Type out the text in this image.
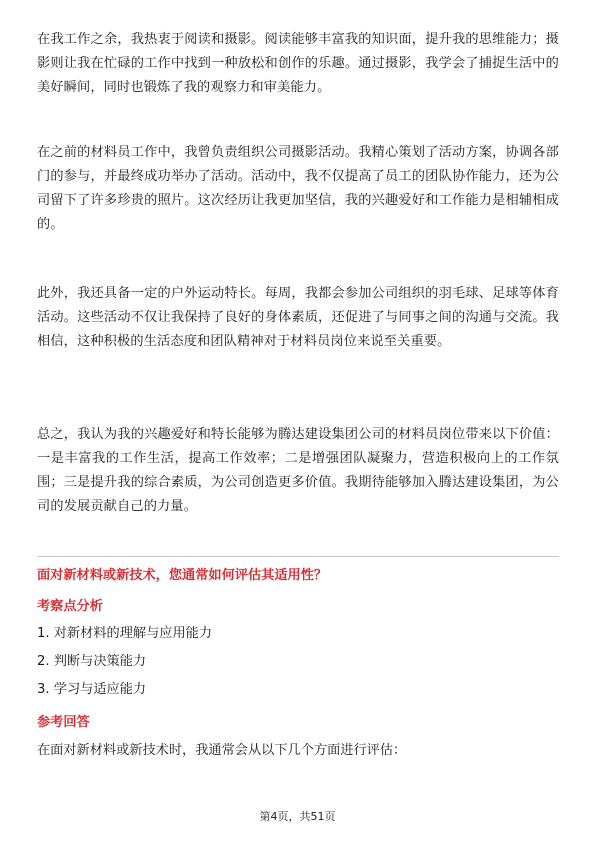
在我工作之余，我热衷于阅读和摄影。阅读能够丰富我的知识面，提升我的思维能力；摄影则让我在忙碌的工作中找到一种放松和创作的乐趣。通过摄影，我学会了捕捉生活中的美好瞬间，同时也锻炼了我的观察力和审美能力。

在之前的材料员工作中，我曾负责组织公司摄影活动。我精心策划了活动方案，协调各部门的参与，并最终成功举办了活动。活动中，我不仅提高了员工的团队协作能力，还为公司留下了许多珍贵的照片。这次经历让我更加坚信，我的兴趣爱好和工作能力是相辅相成的。

此外，我还具备一定的户外运动特长。每周，我都会参加公司组织的羽毛球、足球等体育活动。这些活动不仅让我保持了良好的身体素质，还促进了与同事之间的沟通与交流。我相信，这种积极的生活态度和团队精神对于材料员岗位来说至关重要。

总之，我认为我的兴趣爱好和特长能够为腾达建设集团公司的材料员岗位带来以下价值：一是丰富我的工作生活，提高工作效率；二是增强团队凝聚力，营造积极向上的工作氛围；三是提升我的综合素质，为公司创造更多价值。我期待能够加入腾达建设集团，为公司的发展贡献自己的力量。

面对新材料或新技术，您通常如何评估其适用性？
考察点分析
1. 对新材料的理解与应用能力
2. 判断与决策能力
3. 学习与适应能力
参考回答
在面对新材料或新技术时，我通常会从以下几个方面进行评估：
第4页，共51页
